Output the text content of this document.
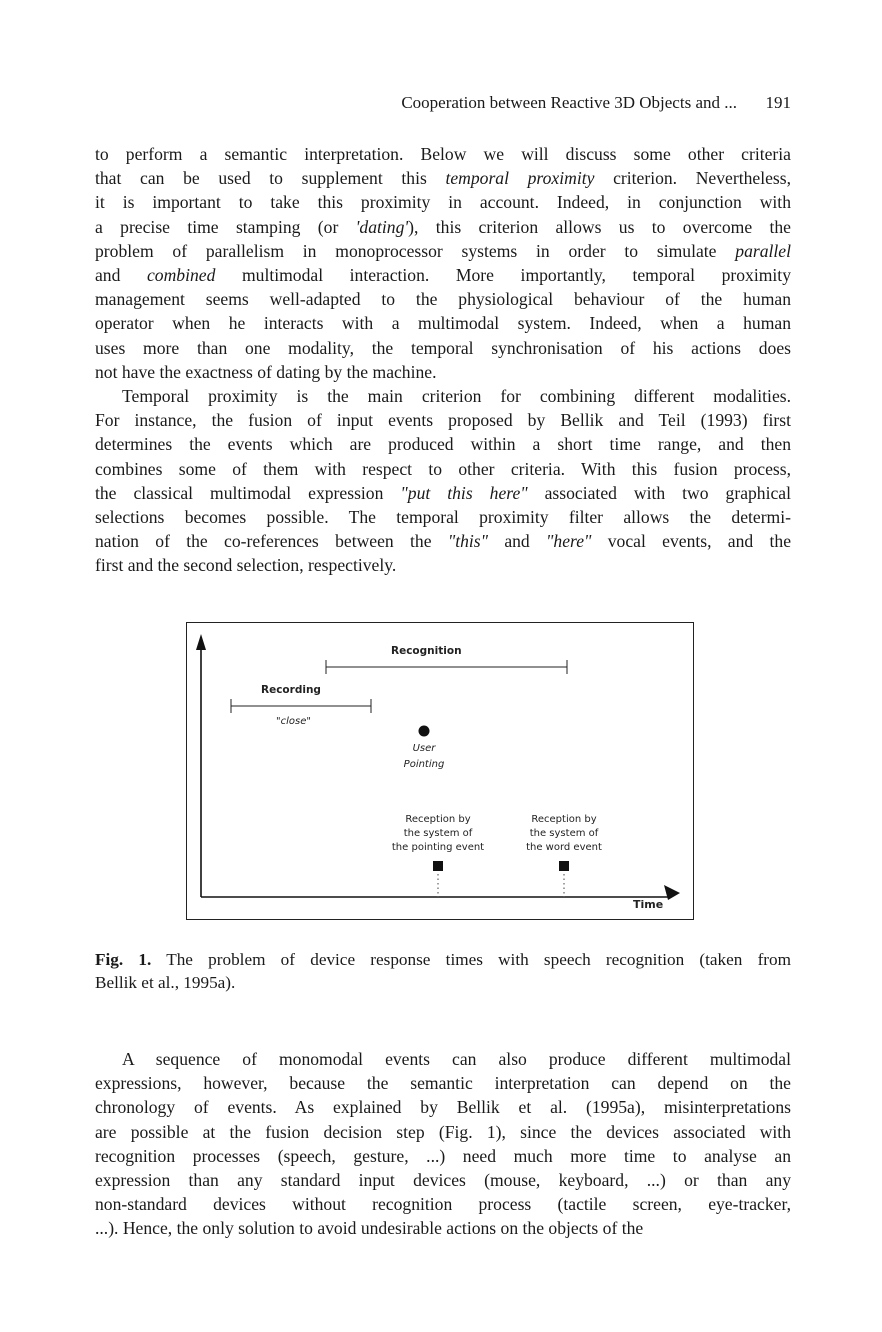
Cooperation between Reactive 3D Objects and ... 191
to perform a semantic interpretation. Below we will discuss some other criteria
that can be used to supplement this temporal proximity criterion. Nevertheless,
it is important to take this proximity in account. Indeed, in conjunction with
a precise time stamping (or 'dating'), this criterion allows us to overcome the
problem of parallelism in monoprocessor systems in order to simulate parallel
and combined multimodal interaction. More importantly, temporal proximity
management seems well-adapted to the physiological behaviour of the human
operator when he interacts with a multimodal system. Indeed, when a human
uses more than one modality, the temporal synchronisation of his actions does
not have the exactness of dating by the machine.
Temporal proximity is the main criterion for combining different modalities.
For instance, the fusion of input events proposed by Bellik and Teil (1993) first
determines the events which are produced within a short time range, and then
combines some of them with respect to other criteria. With this fusion process,
the classical multimodal expression "put this here" associated with two graphical
selections becomes possible. The temporal proximity filter allows the determi-
nation of the co-references between the "this" and "here" vocal events, and the
first and the second selection, respectively.
Time
Recognition
Recording
"close"
User
Pointing
Reception by
the system of
the pointing event
Reception by
the system of
the word event
Fig. 1. The problem of device response times with speech recognition (taken from
Bellik et al., 1995a).
A sequence of monomodal events can also produce different multimodal
expressions, however, because the semantic interpretation can depend on the
chronology of events. As explained by Bellik et al. (1995a), misinterpretations
are possible at the fusion decision step (Fig. 1), since the devices associated with
recognition processes (speech, gesture, ...) need much more time to analyse an
expression than any standard input devices (mouse, keyboard, ...) or than any
non-standard devices without recognition process (tactile screen, eye-tracker,
...). Hence, the only solution to avoid undesirable actions on the objects of the
